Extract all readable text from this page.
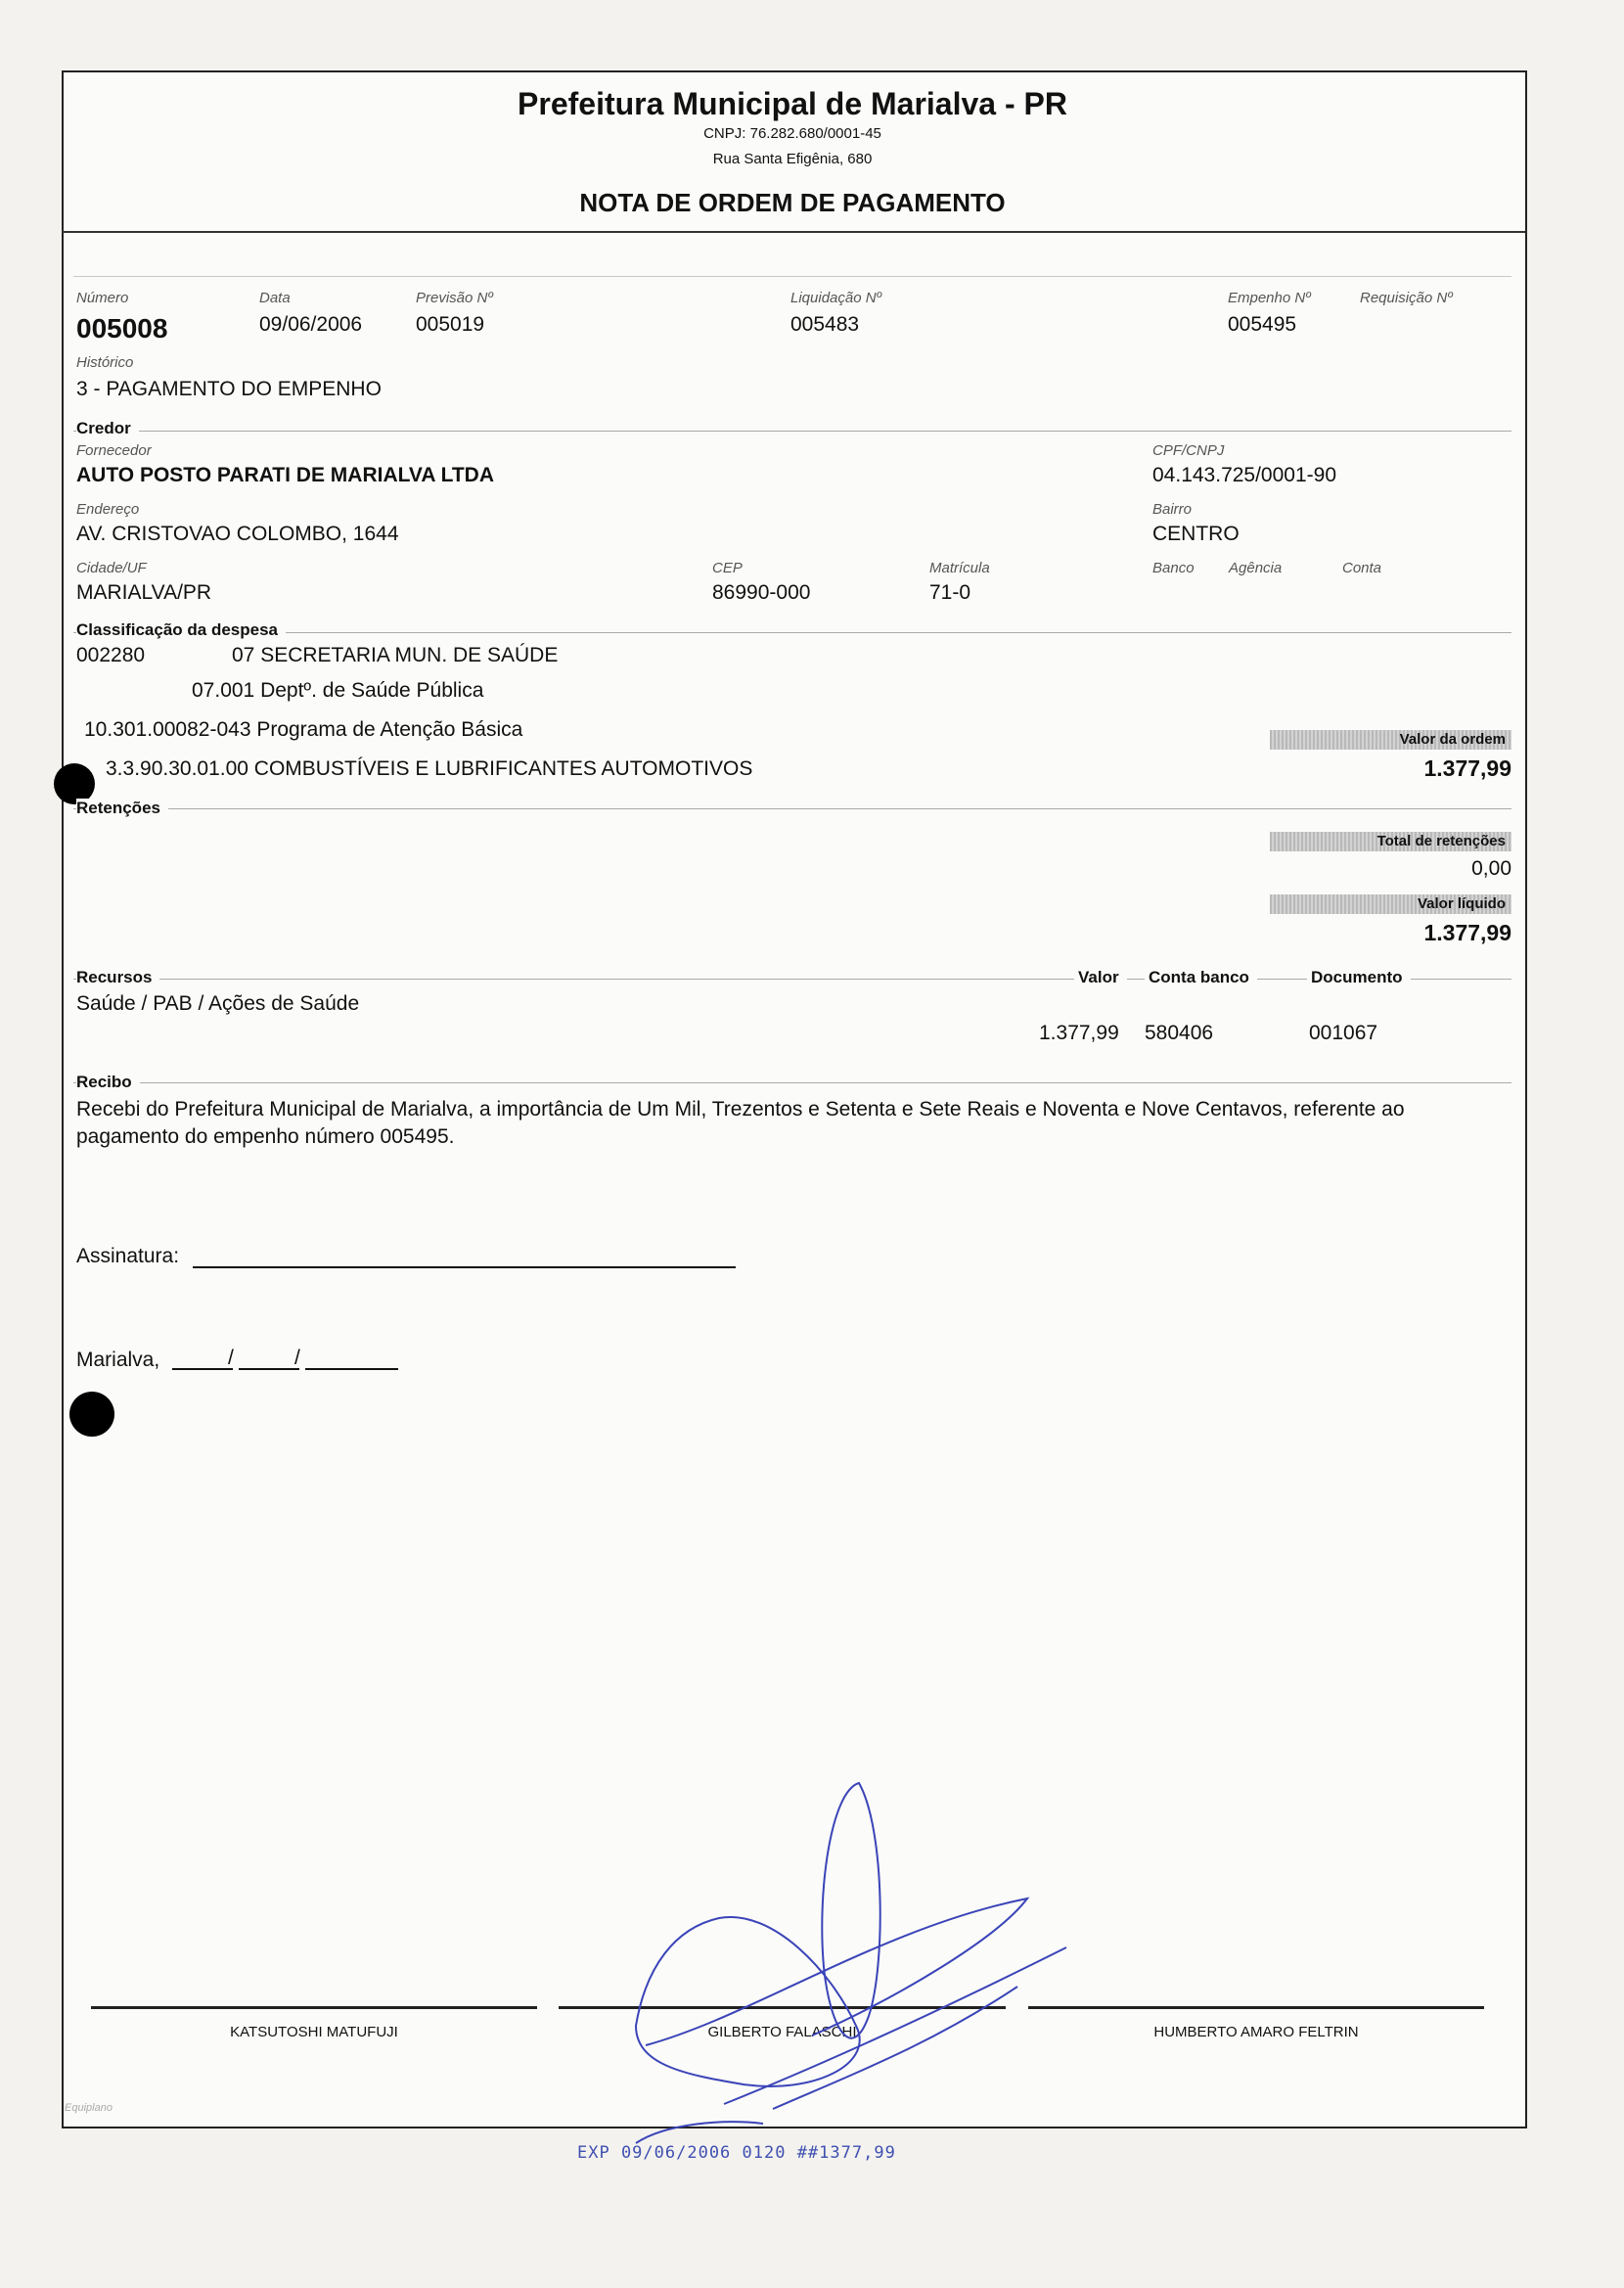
Prefeitura Municipal de Marialva - PR
CNPJ: 76.282.680/0001-45
Rua Santa Efigênia, 680
NOTA DE ORDEM DE PAGAMENTO
Número
005008
Data
09/06/2006
Previsão Nº
005019
Liquidação Nº
005483
Empenho Nº
005495
Requisição Nº
Histórico
3 - PAGAMENTO DO EMPENHO
Credor
Fornecedor
AUTO POSTO PARATI DE MARIALVA LTDA
CPF/CNPJ
04.143.725/0001-90
Endereço
AV. CRISTOVAO COLOMBO, 1644
Bairro
CENTRO
Cidade/UF
MARIALVA/PR
CEP
86990-000
Matrícula
71-0
Banco Agência	Conta
Classificação da despesa
002280	07 SECRETARIA MUN. DE SAÚDE
07.001 Deptº. de Saúde Pública
10.301.00082-043 Programa de Atenção Básica
3.3.90.30.01.00 COMBUSTÍVEIS E LUBRIFICANTES AUTOMOTIVOS
Valor da ordem
1.377,99
Retenções
Total de retenções
0,00
Valor líquido
1.377,99
Recursos	Valor	Conta banco	Documento
Saúde / PAB / Ações de Saúde
1.377,99 580406	001067
Recibo
Recebi do Prefeitura Municipal de Marialva, a importância de Um Mil, Trezentos e Setenta e Sete Reais e Noventa e Nove Centavos, referente ao pagamento do empenho número 005495.
Assinatura:
Marialva,	/	/
KATSUTOSHI MATUFUJI	GILBERTO FALASCHI	HUMBERTO AMARO FELTRIN
Equiplano
EXP 09/06/2006 0120 ##1377,99
